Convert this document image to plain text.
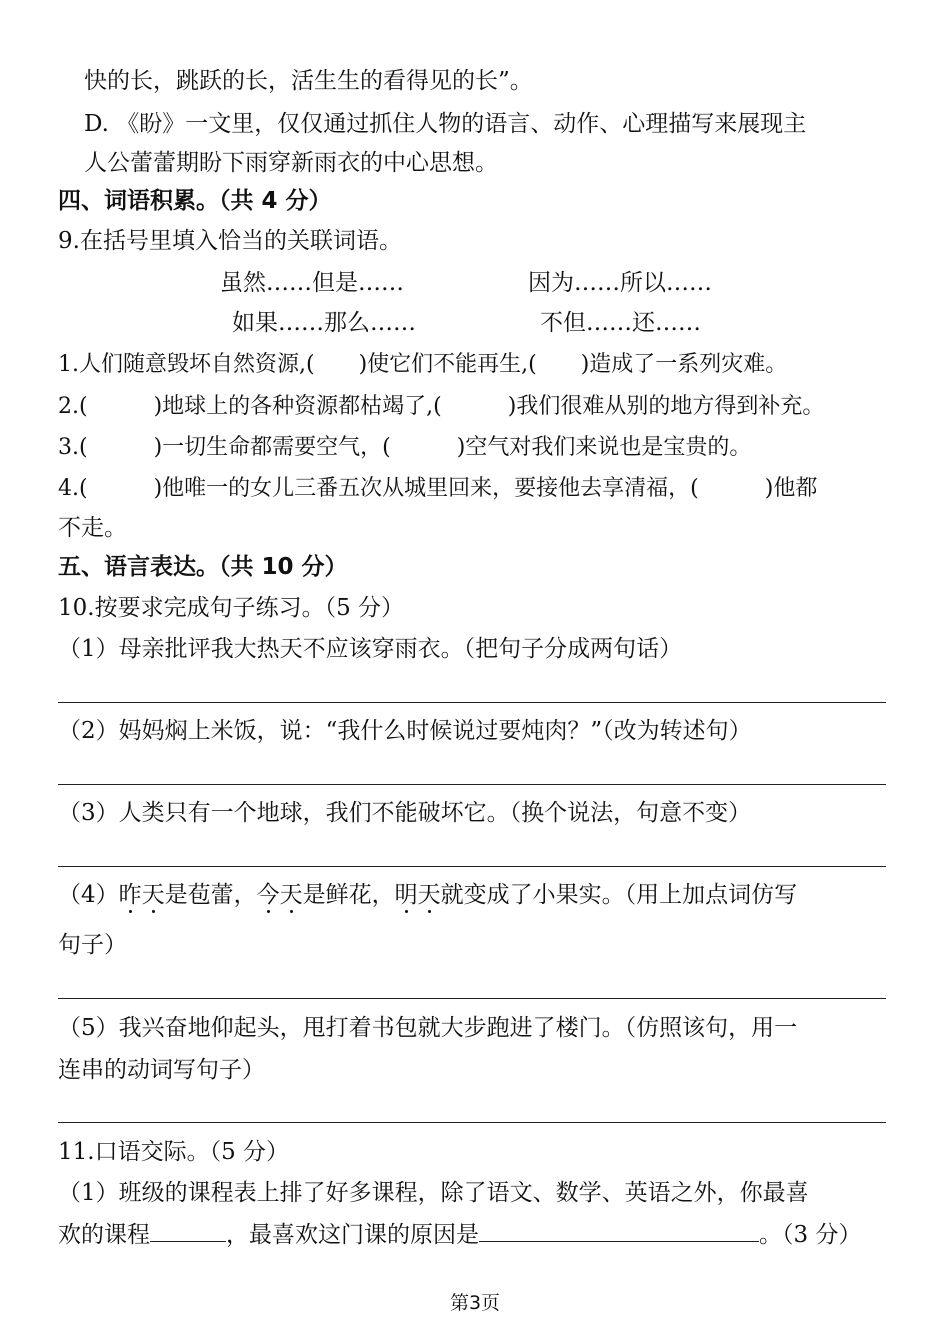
快的长，跳跃的长，活生生的看得见的长”。
D. 《盼》一文里，仅仅通过抓住人物的语言、动作、心理描写来展现主
人公蕾蕾期盼下雨穿新雨衣的中心思想。
四、词语积累。（共 4 分）
9.在括号里填入恰当的关联词语。
虽然……但是……	因为……所以……
如果……那么……	不但……还……
1.人们随意毁坏自然资源,(　　)使它们不能再生,(　　)造成了一系列灾难。
2.(　　　)地球上的各种资源都枯竭了,(　　　)我们很难从别的地方得到补充。
3.(　　　)一切生命都需要空气，(　　　)空气对我们来说也是宝贵的。
4.(　　　)他唯一的女儿三番五次从城里回来，要接他去享清福，(　　　)他都
不走。
五、语言表达。（共 10 分）
10.按要求完成句子练习。（5 分）
（1）母亲批评我大热天不应该穿雨衣。（把句子分成两句话）
（2）妈妈焖上米饭，说：“我什么时候说过要炖肉？”（改为转述句）
（3）人类只有一个地球，我们不能破坏它。（换个说法，句意不变）
（4）昨天是苞蕾，今天是鲜花，明天就变成了小果实。（用上加点词仿写
句子）
（5）我兴奋地仰起头，甩打着书包就大步跑进了楼门。（仿照该句，用一
连串的动词写句子）
11.口语交际。（5 分）
（1）班级的课程表上排了好多课程，除了语文、数学、英语之外，你最喜
欢的课程	，最喜欢这门课的原因是	。（3 分）
第3页
